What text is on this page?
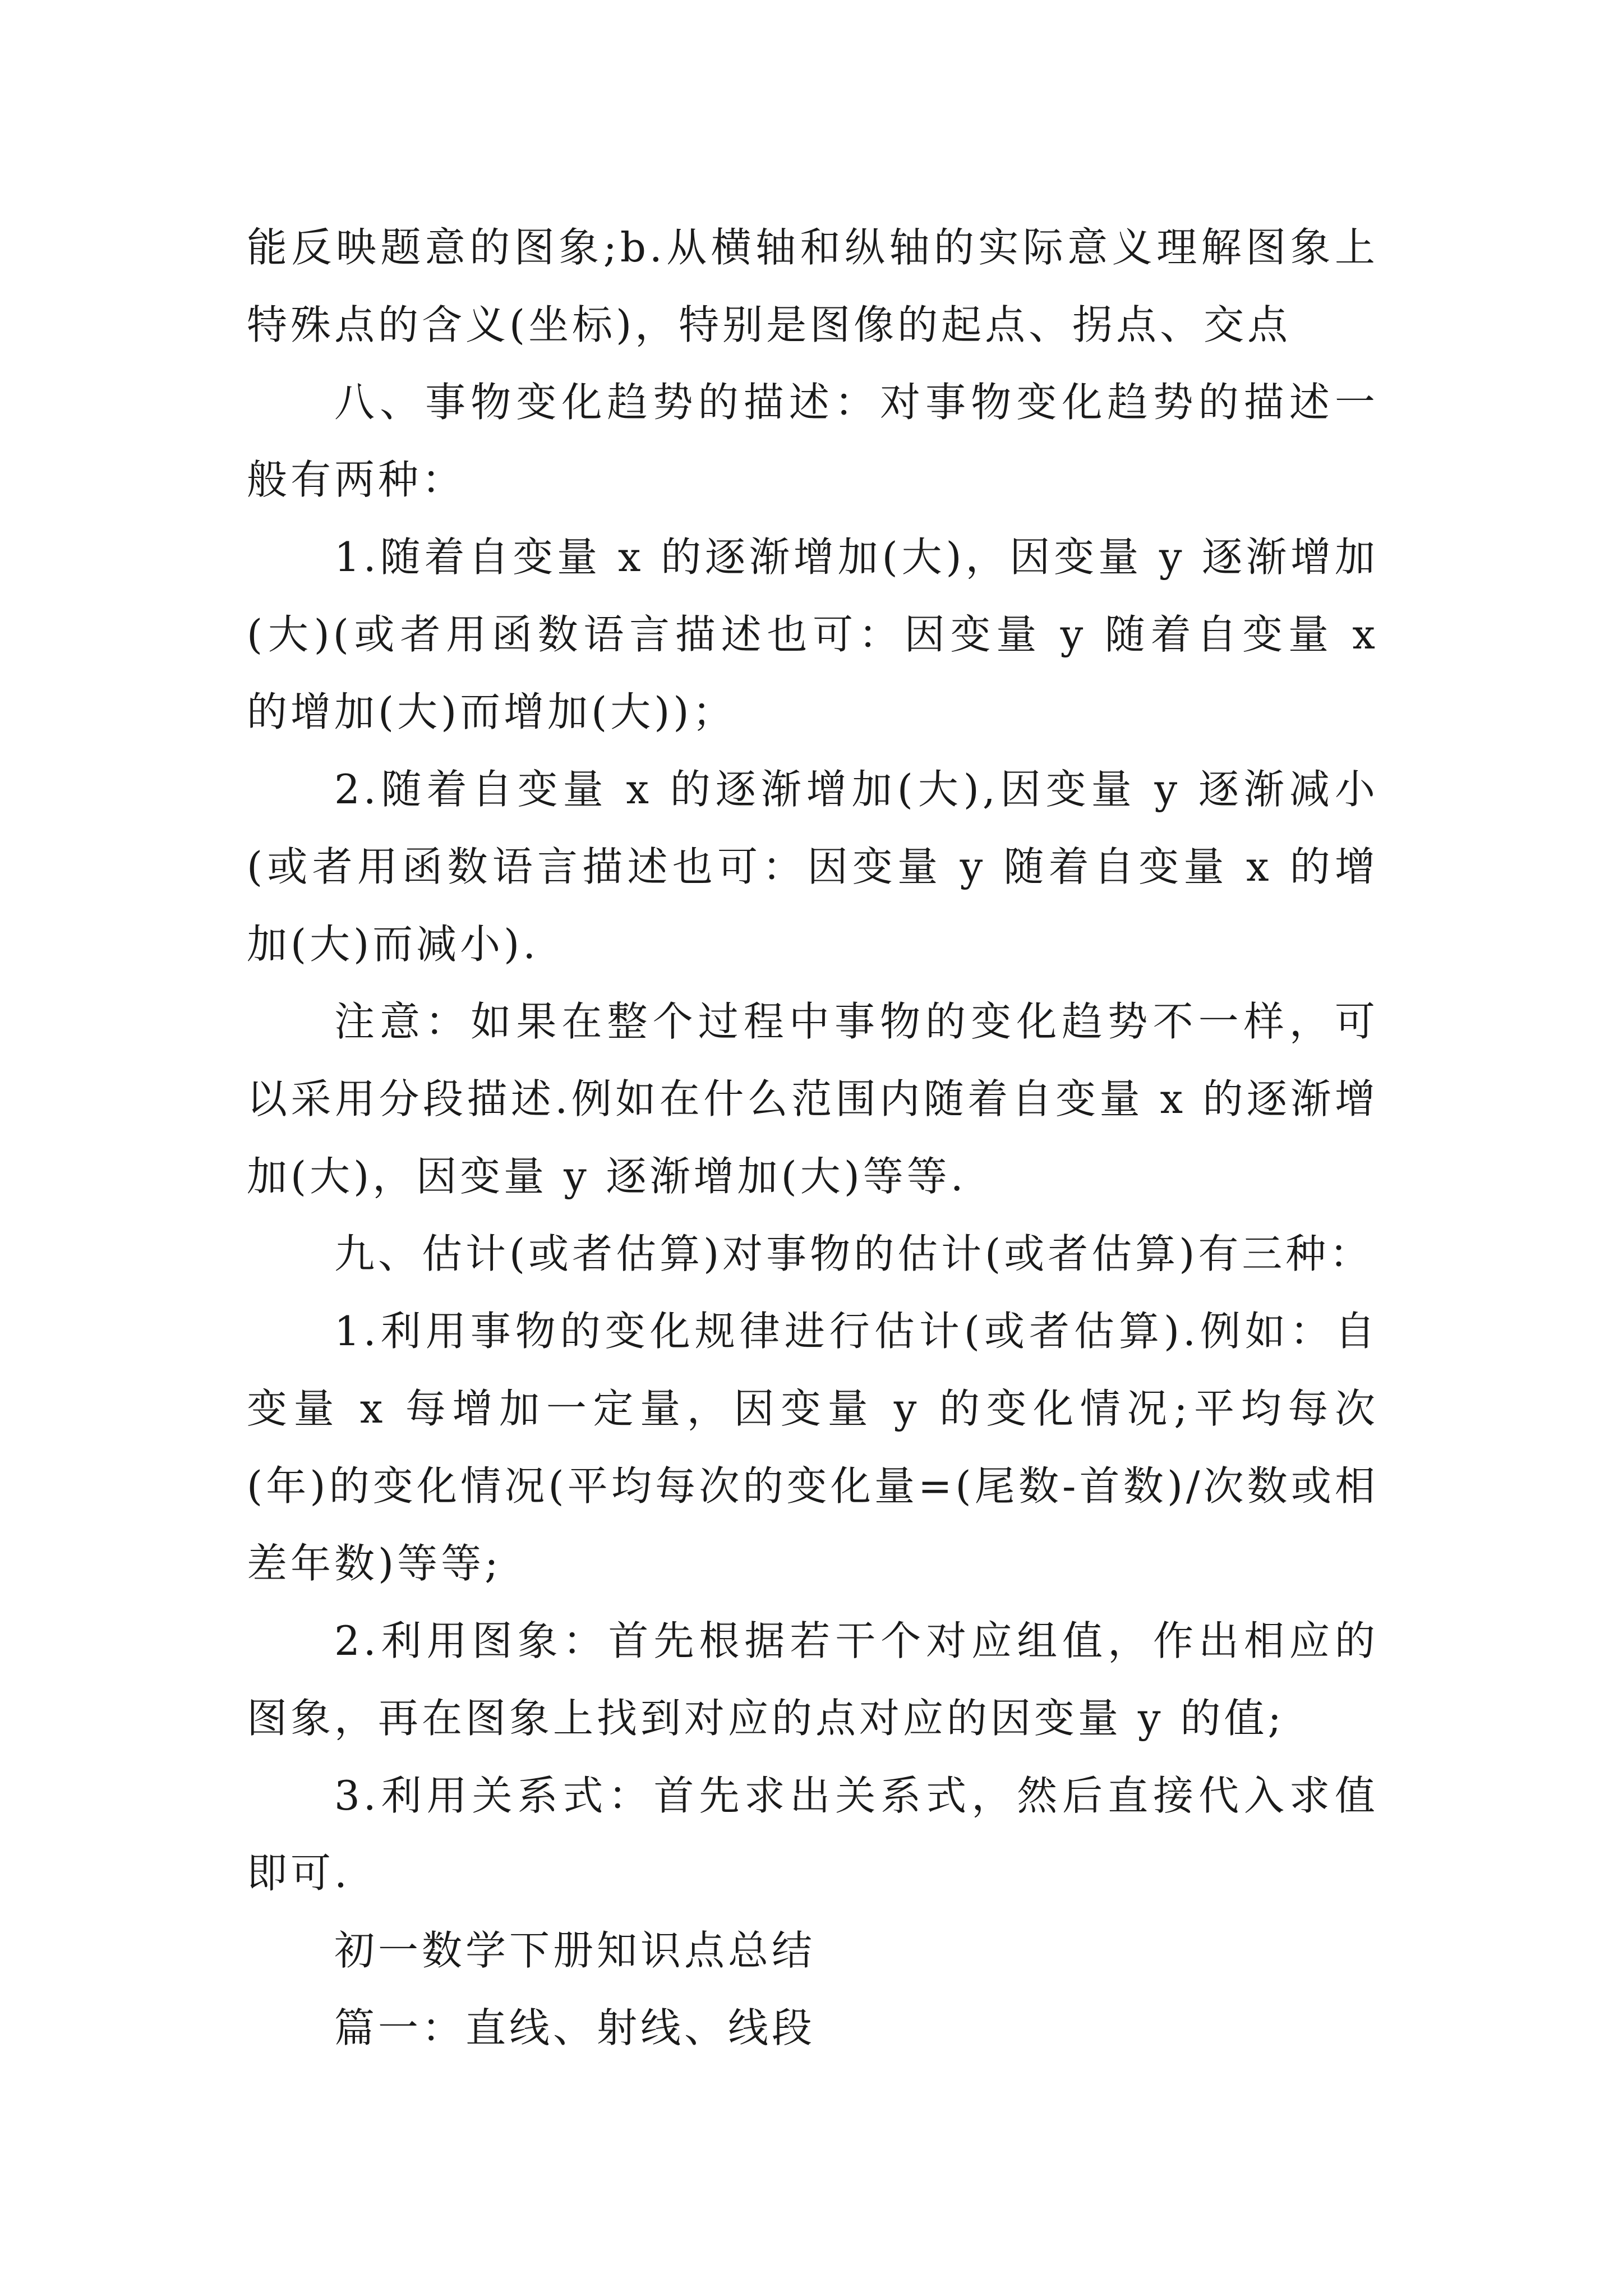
能反映题意的图象;b.从横轴和纵轴的实际意义理解图象上特殊点的含义(坐标)，特别是图像的起点、拐点、交点

八、事物变化趋势的描述：对事物变化趋势的描述一般有两种：

1.随着自变量 x 的逐渐增加(大)，因变量 y 逐渐增加(大)(或者用函数语言描述也可：因变量 y 随着自变量 x 的增加(大)而增加(大))；

2.随着自变量 x 的逐渐增加(大),因变量 y 逐渐减小(或者用函数语言描述也可：因变量 y 随着自变量 x 的增加(大)而减小).

注意：如果在整个过程中事物的变化趋势不一样，可以采用分段描述.例如在什么范围内随着自变量 x 的逐渐增加(大)，因变量 y 逐渐增加(大)等等.

九、估计(或者估算)对事物的估计(或者估算)有三种：

1.利用事物的变化规律进行估计(或者估算).例如：自变量 x 每增加一定量，因变量 y 的变化情况;平均每次(年)的变化情况(平均每次的变化量=(尾数-首数)/次数或相差年数)等等;

2.利用图象：首先根据若干个对应组值，作出相应的图象，再在图象上找到对应的点对应的因变量 y 的值;

3.利用关系式：首先求出关系式，然后直接代入求值即可.

初一数学下册知识点总结

篇一：直线、射线、线段
